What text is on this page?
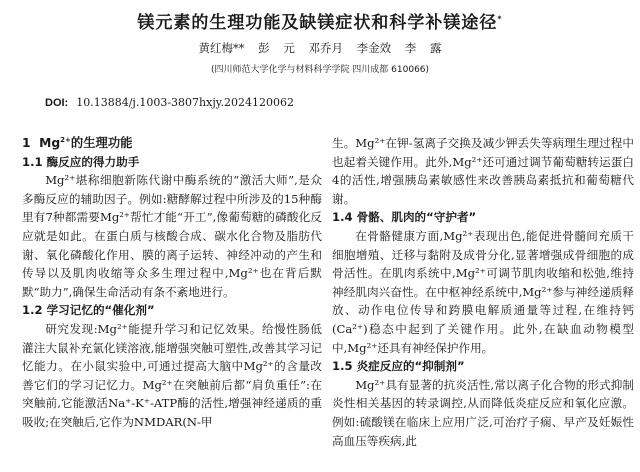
镁元素的生理功能及缺镁症状和科学补镁途径*
黄红梅** 彭 元 邓乔月 李金效 李 露
(四川师范大学化学与材料科学学院 四川成都 610066)
DOI: 10.13884/j.1003-3807hxjy.2024120062
1 $Mg^{2+}$的生理功能
1.1 酶反应的得力助手
Mg²⁺堪称细胞新陈代谢中酶系统的“激活大师”,是众多酶反应的辅助因子。例如:糖酵解过程中所涉及的15种酶里有7种都需要Mg²⁺帮忙才能“开工”,像葡萄糖的磷酸化反应就是如此。在蛋白质与核酸合成、碳水化合物及脂肪代谢、氧化磷酸化作用、膜的离子运转、神经冲动的产生和传导以及肌肉收缩等众多生理过程中,Mg²⁺也在背后默默“助力”,确保生命活动有条不紊地进行。
1.2 学习记忆的“催化剂”
研究发现:Mg²⁺能提升学习和记忆效果。给慢性肠低灌注大鼠补充氯化镁溶液,能增强突触可塑性,改善其学习记忆能力。在小鼠实验中,可通过提高大脑中Mg²⁺的含量改善它们的学习记忆力。Mg²⁺在突触前后都“肩负重任”:在突触前,它能激活Na⁺-K⁺-ATP酶的活性,增强神经递质的重吸收;在突触后,它作为NMDAR(N-甲
生。Mg²⁺在钾-氢离子交换及减少钾丢失等病理生理过程中也起着关键作用。此外,Mg²⁺还可通过调节葡萄糖转运蛋白4的活性,增强胰岛素敏感性来改善胰岛素抵抗和葡萄糖代谢。
1.4 骨骼、肌肉的“守护者”
在骨骼健康方面,Mg²⁺表现出色,能促进骨髓间充质干细胞增殖、迁移与黏附及成骨分化,显著增强成骨细胞的成骨活性。在肌肉系统中,Mg²⁺可调节肌肉收缩和松弛,维持神经肌肉兴奋性。在中枢神经系统中,Mg²⁺参与神经递质释放、动作电位传导和跨膜电解质通量等过程,在维持钙(Ca²⁺)稳态中起到了关键作用。此外,在缺血动物模型中,Mg²⁺还具有神经保护作用。
1.5 炎症反应的“抑制剂”
Mg²⁺具有显著的抗炎活性,常以离子化合物的形式抑制炎性相关基因的转录调控,从而降低炎症反应和氧化应激。例如:硫酸镁在临床上应用广泛,可治疗子痫、早产及妊娠性高血压等疾病,此
